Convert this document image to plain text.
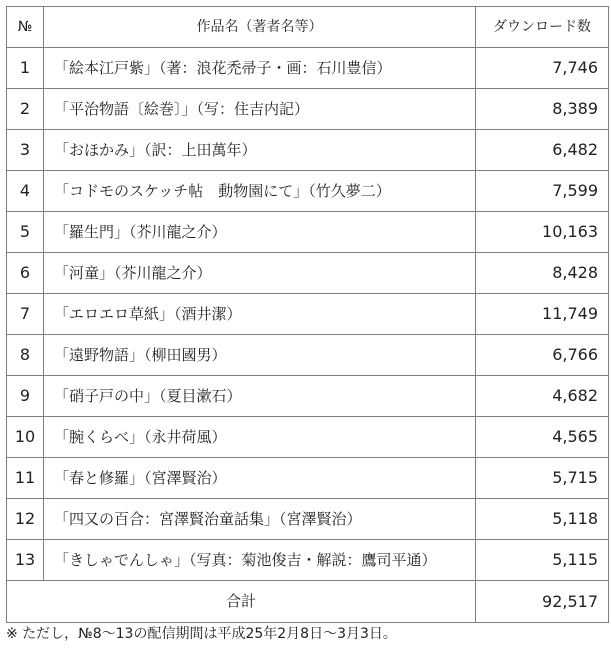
№	作品名（著者名等）	ダウンロード数
1	「絵本江戸紫」（著：浪花禿帚子・画：石川豊信）	7,746
2	「平治物語〔絵巻〕」（写：住吉内記）	8,389
3	「おほかみ」（訳：上田萬年）	6,482
4	「コドモのスケッチ帖　動物園にて」（竹久夢二）	7,599
5	「羅生門」（芥川龍之介）	10,163
6	「河童」（芥川龍之介）	8,428
7	「エロエロ草紙」（酒井潔）	11,749
8	「遠野物語」（柳田國男）	6,766
9	「硝子戸の中」（夏目漱石）	4,682
10	「腕くらべ」（永井荷風）	4,565
11	「春と修羅」（宮澤賢治）	5,715
12	「四又の百合：宮澤賢治童話集」（宮澤賢治）	5,118
13	「きしゃでんしゃ」（写真：菊池俊吉・解説：鷹司平通）	5,115
合計		92,517
※ ただし，№8～13の配信期間は平成25年2月8日～3月3日。
